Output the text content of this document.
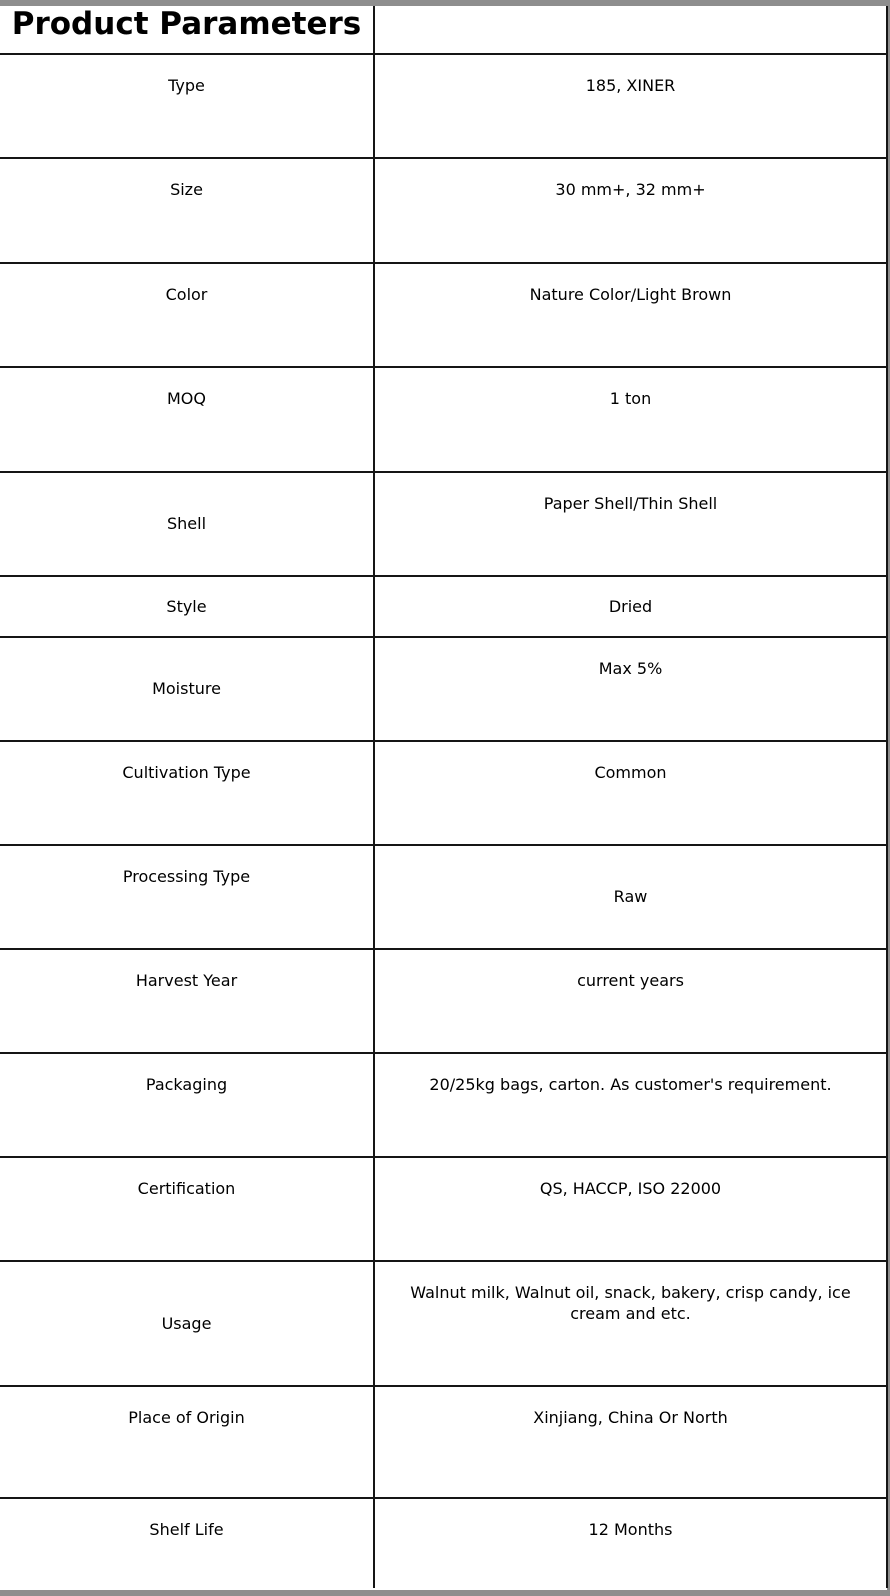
Product Parameters	
Type	185, XINER
Size	30 mm+, 32 mm+
Color	Nature Color/Light Brown
MOQ	1 ton
Shell	Paper Shell/Thin Shell
Style	Dried
Moisture	Max 5%
Cultivation Type	Common
Processing Type	Raw
Harvest Year	current years
Packaging	20/25kg bags, carton. As customer's requirement.
Certification	QS, HACCP, ISO 22000
Usage	Walnut milk, Walnut oil, snack, bakery, crisp candy, ice cream and etc.
Place of Origin	Xinjiang, China Or North
Shelf Life	12 Months
